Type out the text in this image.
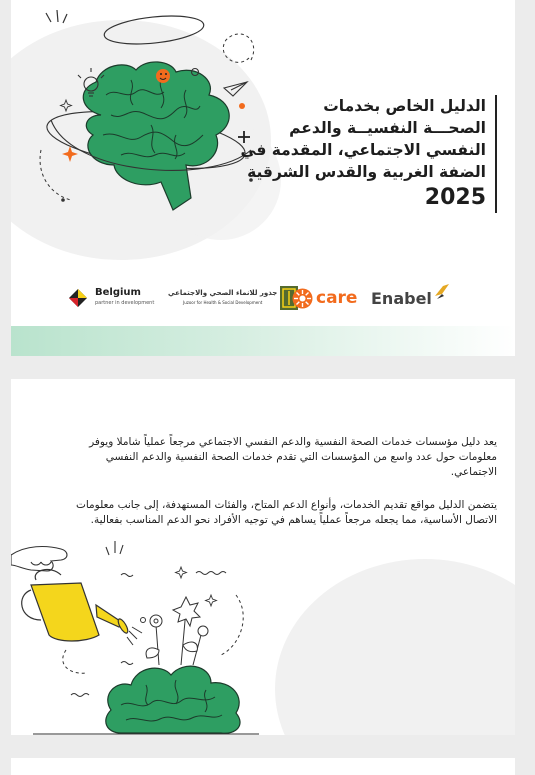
الدليل الخاص بخدمات
الصحـــة النفسيــة والدعم
النفسي الاجتماعي، المقدمة في
الضفة الغربية والقدس الشرقية
2025
Belgium
partner in development
جذور للانماء الصحي والاجتماعي
Juzoor for Health & Social Development	care Enabel
يعد دليل مؤسسات خدمات الصحة النفسية والدعم النفسي الاجتماعي مرجعاً عملياً شاملا ويوفر معلومات حول عدد واسع من المؤسسات التي تقدم خدمات الصحة النفسية والدعم النفسي الاجتماعي.
يتضمن الدليل مواقع تقديم الخدمات، وأنواع الدعم المتاح، والفئات المستهدفة، إلى جانب معلومات الاتصال الأساسية، مما يجعله مرجعاً عملياً يساهم في توجيه الأفراد نحو الدعم المناسب بفعالية.
